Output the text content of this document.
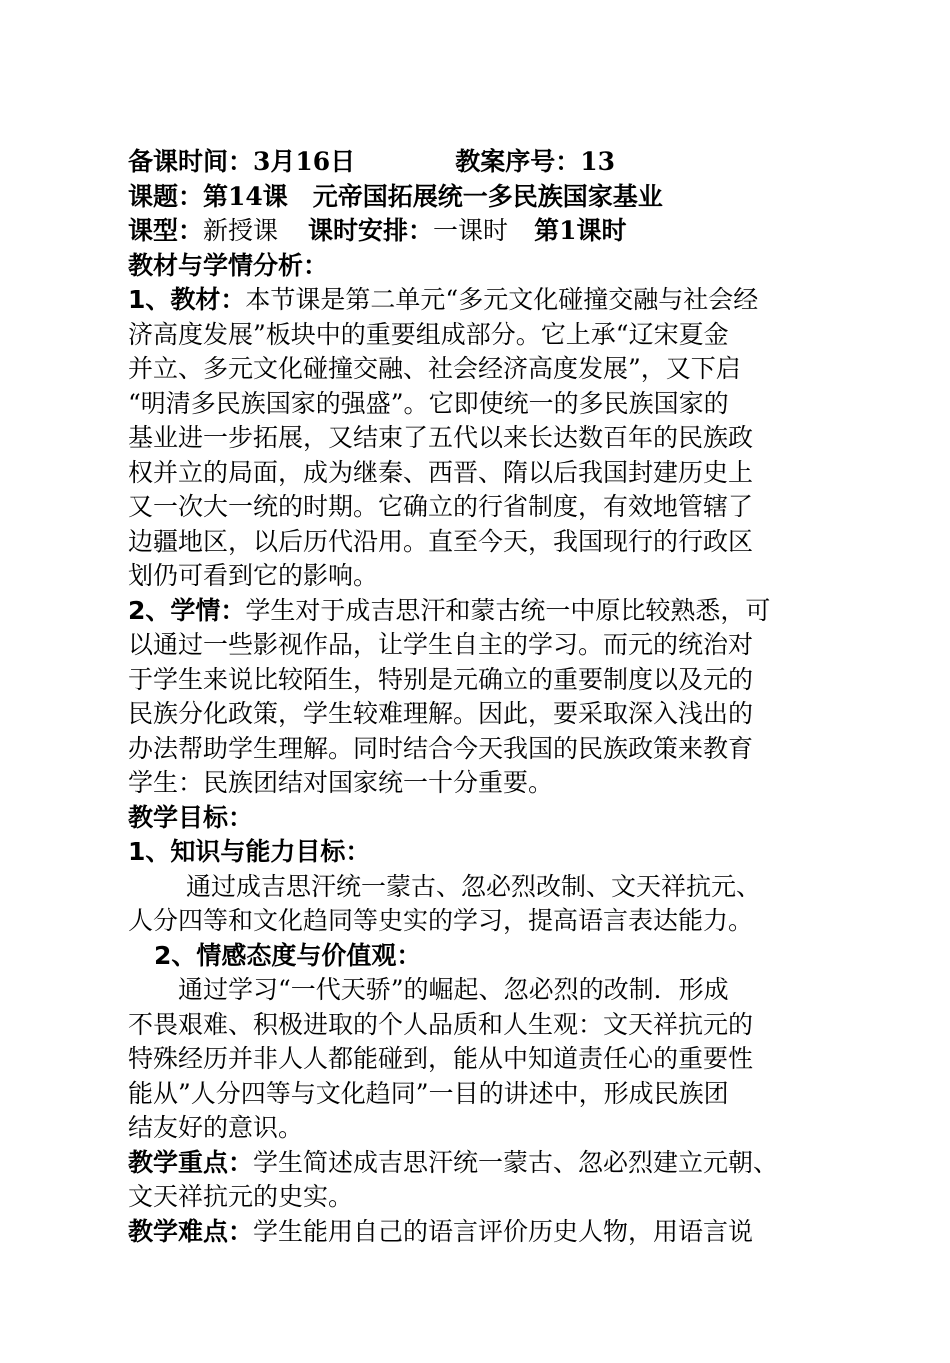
备课时间：3月16日	教案序号：13
课题：第14课　元帝国拓展统一多民族国家基业
课型：新授课 课时安排：一课时 第1课时
教材与学情分析：
1、教材：本节课是第二单元“多元文化碰撞交融与社会经
济高度发展”板块中的重要组成部分。它上承“辽宋夏金
并立、多元文化碰撞交融、社会经济高度发展”，又下启
“明清多民族国家的强盛”。它即使统一的多民族国家的
基业进一步拓展，又结束了五代以来长达数百年的民族政
权并立的局面，成为继秦、西晋、隋以后我国封建历史上
又一次大一统的时期。它确立的行省制度，有效地管辖了
边疆地区，以后历代沿用。直至今天，我国现行的行政区
划仍可看到它的影响。
2、学情：学生对于成吉思汗和蒙古统一中原比较熟悉，可
以通过一些影视作品，让学生自主的学习。而元的统治对
于学生来说比较陌生，特别是元确立的重要制度以及元的
民族分化政策，学生较难理解。因此，要采取深入浅出的
办法帮助学生理解。同时结合今天我国的民族政策来教育
学生：民族团结对国家统一十分重要。
教学目标：
1、知识与能力目标：
通过成吉思汗统一蒙古、忽必烈改制、文天祥抗元、
人分四等和文化趋同等史实的学习，提高语言表达能力。
2、情感态度与价值观：
通过学习“一代天骄”的崛起、忽必烈的改制．形成
不畏艰难、积极进取的个人品质和人生观：文天祥抗元的
特殊经历并非人人都能碰到，能从中知道责任心的重要性
能从”人分四等与文化趋同”一目的讲述中，形成民族团
结友好的意识。
教学重点：学生简述成吉思汗统一蒙古、忽必烈建立元朝、
文天祥抗元的史实。
教学难点：学生能用自己的语言评价历史人物，用语言说
